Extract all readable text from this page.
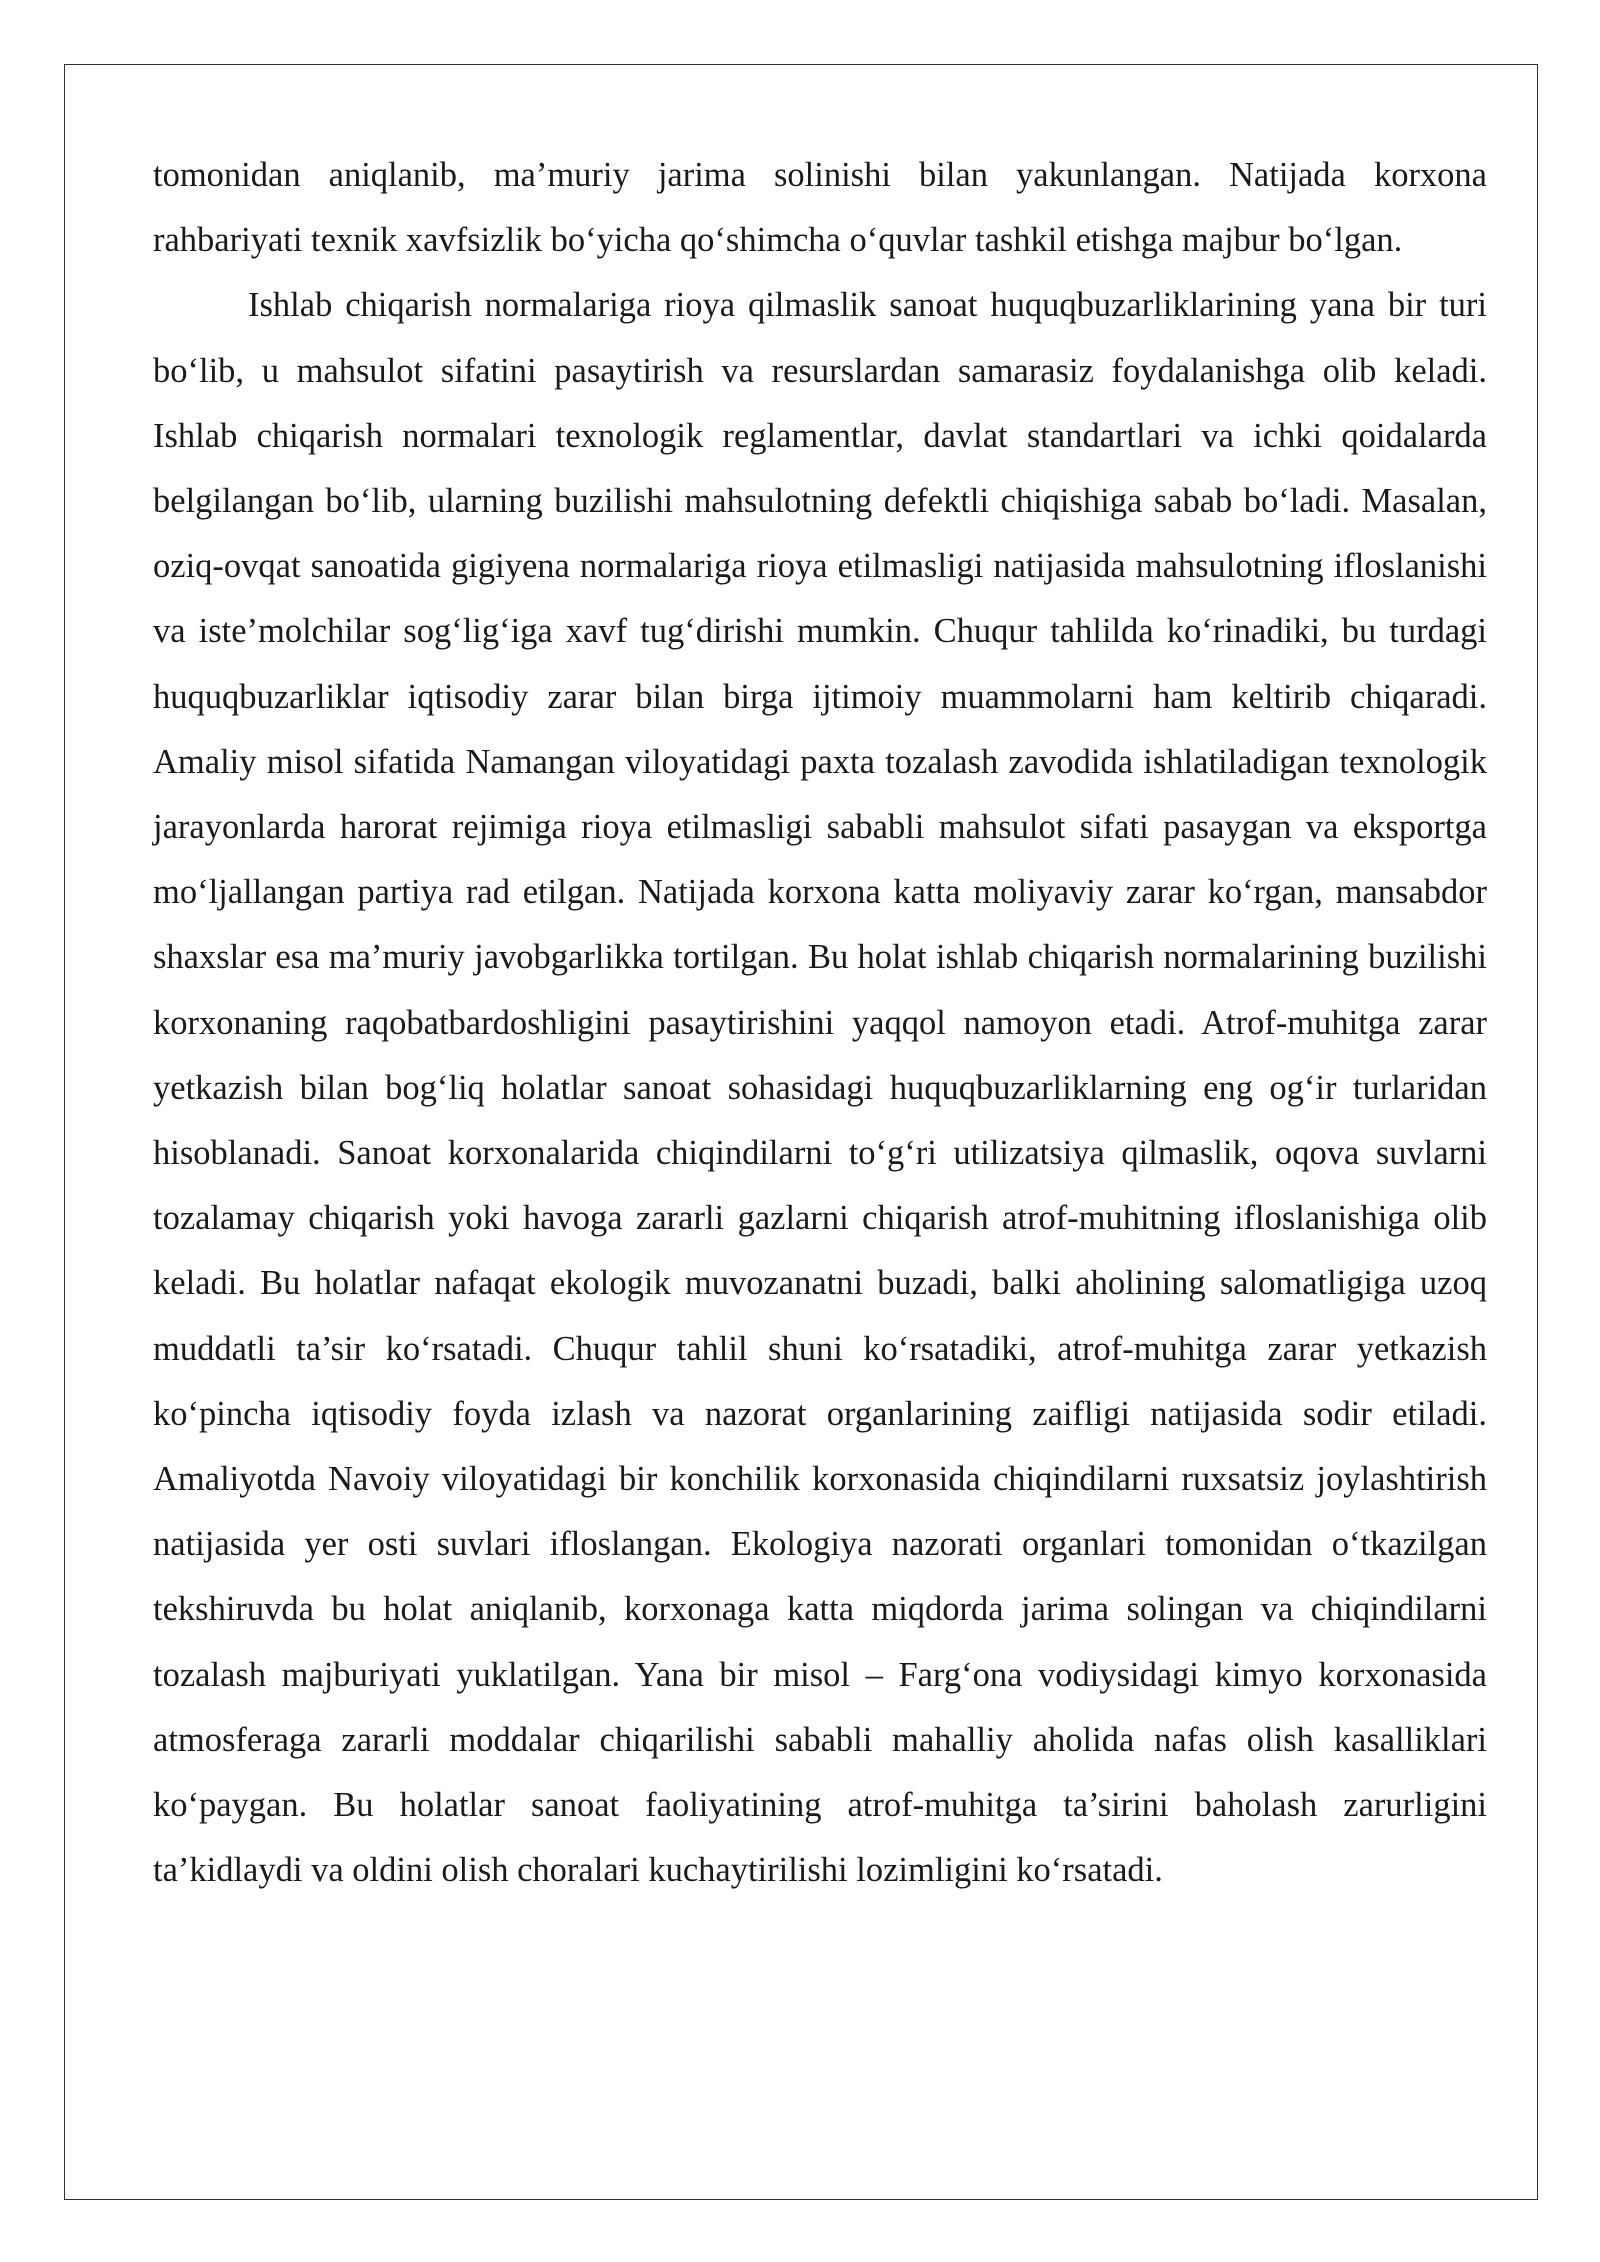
tomonidan aniqlanib, ma’muriy jarima solinishi bilan yakunlangan. Natijada korxona rahbariyati texnik xavfsizlik bo‘yicha qo‘shimcha o‘quvlar tashkil etishga majbur bo‘lgan.

Ishlab chiqarish normalariga rioya qilmaslik sanoat huquqbuzarliklarining yana bir turi bo‘lib, u mahsulot sifatini pasaytirish va resurslardan samarasiz foydalanishga olib keladi. Ishlab chiqarish normalari texnologik reglamentlar, davlat standartlari va ichki qoidalarda belgilangan bo‘lib, ularning buzilishi mahsulotning defektli chiqishiga sabab bo‘ladi. Masalan, oziq-ovqat sanoatida gigiyena normalariga rioya etilmasligi natijasida mahsulotning ifloslanishi va iste’molchilar sog‘lig‘iga xavf tug‘dirishi mumkin. Chuqur tahlilda ko‘rinadiki, bu turdagi huquqbuzarliklar iqtisodiy zarar bilan birga ijtimoiy muammolarni ham keltirib chiqaradi. Amaliy misol sifatida Namangan viloyatidagi paxta tozalash zavodida ishlatiladigan texnologik jarayonlarda harorat rejimiga rioya etilmasligi sababli mahsulot sifati pasaygan va eksportga mo‘ljallangan partiya rad etilgan. Natijada korxona katta moliyaviy zarar ko‘rgan, mansabdor shaxslar esa ma’muriy javobgarlikka tortilgan. Bu holat ishlab chiqarish normalarining buzilishi korxonaning raqobatbardoshligini pasaytirishini yaqqol namoyon etadi. Atrof-muhitga zarar yetkazish bilan bog‘liq holatlar sanoat sohasidagi huquqbuzarliklarning eng og‘ir turlaridan hisoblanadi. Sanoat korxonalarida chiqindilarni to‘g‘ri utilizatsiya qilmaslik, oqova suvlarni tozalamay chiqarish yoki havoga zararli gazlarni chiqarish atrof-muhitning ifloslanishiga olib keladi. Bu holatlar nafaqat ekologik muvozanatni buzadi, balki aholining salomatligiga uzoq muddatli ta’sir ko‘rsatadi. Chuqur tahlil shuni ko‘rsatadiki, atrof-muhitga zarar yetkazish ko‘pincha iqtisodiy foyda izlash va nazorat organlarining zaifligi natijasida sodir etiladi. Amaliyotda Navoiy viloyatidagi bir konchilik korxonasida chiqindilarni ruxsatsiz joylashtirish natijasida yer osti suvlari ifloslangan. Ekologiya nazorati organlari tomonidan o‘tkazilgan tekshiruvda bu holat aniqlanib, korxonaga katta miqdorda jarima solingan va chiqindilarni tozalash majburiyati yuklatilgan. Yana bir misol – Farg‘ona vodiysidagi kimyo korxonasida atmosferaga zararli moddalar chiqarilishi sababli mahalliy aholida nafas olish kasalliklari ko‘paygan. Bu holatlar sanoat faoliyatining atrof-muhitga ta’sirini baholash zarurligini ta’kidlaydi va oldini olish choralari kuchaytirilishi lozimligini ko‘rsatadi.
